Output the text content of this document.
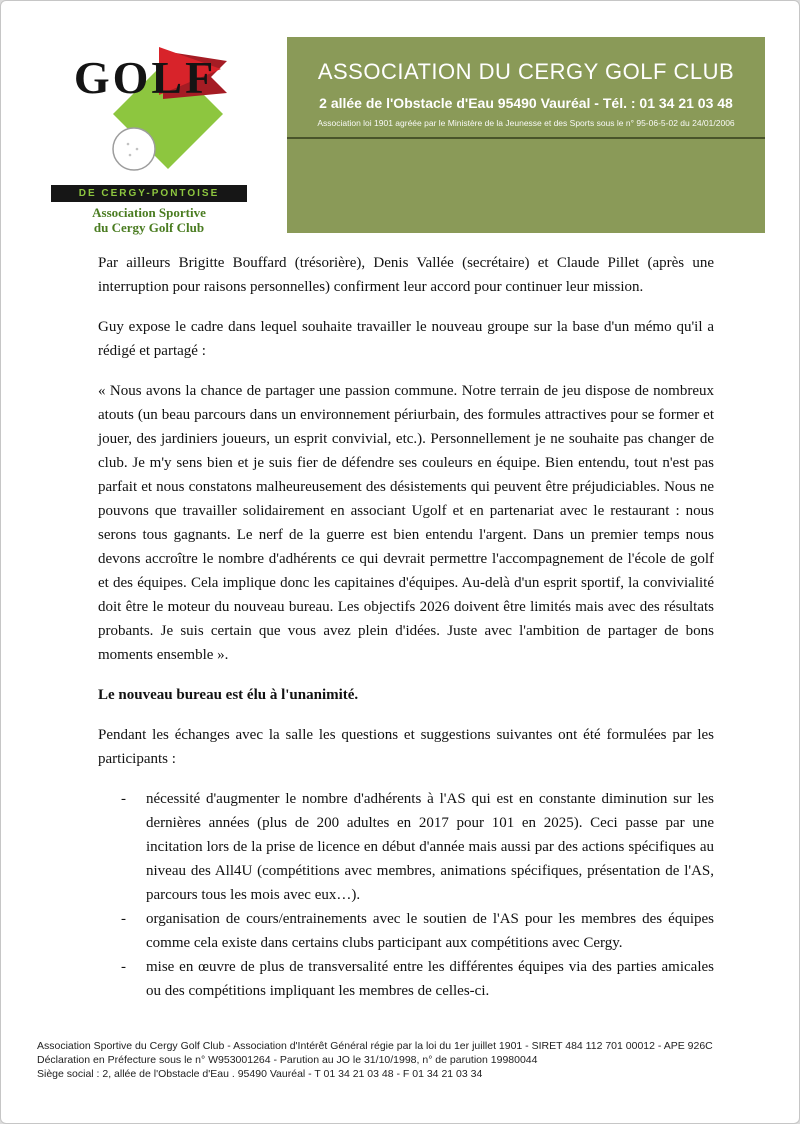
GOLF
DE CERGY-PONTOISE
Association Sportive
du Cergy Golf Club
ASSOCIATION DU CERGY GOLF CLUB
2 allée de l'Obstacle d'Eau 95490 Vauréal - Tél. : 01 34 21 03 48
Association loi 1901 agréée par le Ministère de la Jeunesse et des Sports sous le n° 95-06-5-02 du 24/01/2006

Par ailleurs Brigitte Bouffard (trésorière), Denis Vallée (secrétaire) et Claude Pillet (après une interruption pour raisons personnelles) confirment leur accord pour continuer leur mission.

Guy expose le cadre dans lequel souhaite travailler le nouveau groupe sur la base d'un mémo qu'il a rédigé et partagé :

« Nous avons la chance de partager une passion commune. Notre terrain de jeu dispose de nombreux atouts (un beau parcours dans un environnement périurbain, des formules attractives pour se former et jouer, des jardiniers joueurs, un esprit convivial, etc.). Personnellement je ne souhaite pas changer de club. Je m'y sens bien et je suis fier de défendre ses couleurs en équipe. Bien entendu, tout n'est pas parfait et nous constatons malheureusement des désistements qui peuvent être préjudiciables. Nous ne pouvons que travailler solidairement en associant Ugolf et en partenariat avec le restaurant : nous serons tous gagnants. Le nerf de la guerre est bien entendu l'argent. Dans un premier temps nous devons accroître le nombre d'adhérents ce qui devrait permettre l'accompagnement de l'école de golf et des équipes. Cela implique donc les capitaines d'équipes. Au-delà d'un esprit sportif, la convivialité doit être le moteur du nouveau bureau. Les objectifs 2026 doivent être limités mais avec des résultats probants. Je suis certain que vous avez plein d'idées. Juste avec l'ambition de partager de bons moments ensemble ».

Le nouveau bureau est élu à l'unanimité.

Pendant les échanges avec la salle les questions et suggestions suivantes ont été formulées par les participants :

-	nécessité d'augmenter le nombre d'adhérents à l'AS qui est en constante diminution sur les dernières années (plus de 200 adultes en 2017 pour 101 en 2025). Ceci passe par une incitation lors de la prise de licence en début d'année mais aussi par des actions spécifiques au niveau des All4U (compétitions avec membres, animations spécifiques, présentation de l'AS, parcours tous les mois avec eux…).
-	organisation de cours/entrainements avec le soutien de l'AS pour les membres des équipes comme cela existe dans certains clubs participant aux compétitions avec Cergy.
-	mise en œuvre de plus de transversalité entre les différentes équipes via des parties amicales ou des compétitions impliquant les membres de celles-ci.
Association Sportive du Cergy Golf Club - Association d'Intérêt Général régie par la loi du 1er juillet 1901 - SIRET 484 112 701 00012 - APE 926C
Déclaration en Préfecture sous le n° W953001264 - Parution au JO le 31/10/1998, n° de parution 19980044
Siège social : 2, allée de l'Obstacle d'Eau . 95490 Vauréal - T 01 34 21 03 48 - F 01 34 21 03 34
